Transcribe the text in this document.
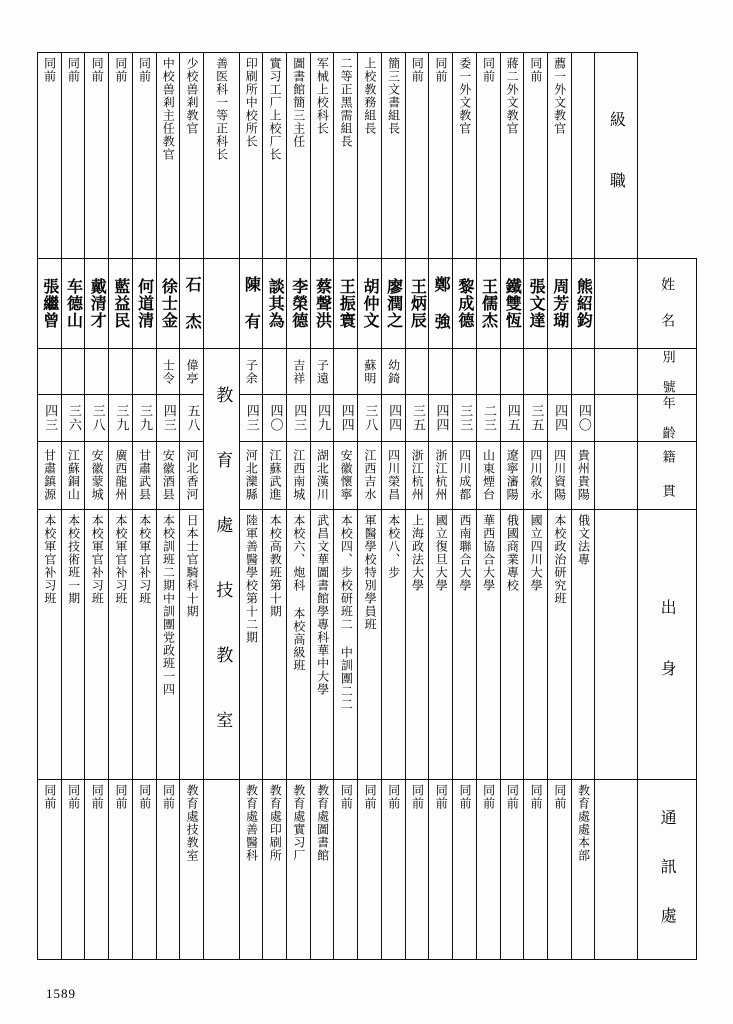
同前	同前	同前	同前	同前	中校兽剎主任教官	少校兽剎教官	善医科一等正科长	印刷所中校所长	實习工厂上校厂长	圖書館簡三主任	军械上校科长	二等正黑需組長	上校教務組長	簡三文書組長	同前	同前	委一外文教官	同前	蔣二外文教官	同前	薦一外文教官		級 職	

張繼曾	车德山	戴清才	藍益民	何道清	徐士金	石 杰		陳 有	談其為	李榮德	蔡聲洪	王振寰	胡仲文	廖潤之	王炳辰	鄭 強	黎成德	王儒杰	鐵雙恆	張文達	周芳瑚	熊紹鈞		姓 名

					士令	偉亭	教 育 處 技 教 室	子余		吉祥	子遠		蘇明	幼錡										別 號

四三	三六	三八	三九	三九	四三	五八		四三	四〇	四三	四九	四四	三八	四四	三五	四四	三三	二三	四五	三五	四四	四〇		年 齡

甘肅鎮源	江蘇銅山	安徽蒙城	廣西龍州	甘肅武县	安徽酒县	河北香河		河北灤縣	江蘇武進	江西南城	湖北漢川	安徽懷寧	江西吉水	四川榮昌	浙江杭州	浙江杭州	四川成都	山東煙台	遼寧瀋陽	四川敘永	四川資陽	貴州貴陽		籍 貫

本校軍官补习班	本校技術班一期	本校軍官补习班	本校軍官补习班	本校軍官补习班	本校訓班二期中訓團党政班一四	日本士官騎科十期		陸軍善醫學校第十二期	本校高教班第十期	本校六、炮科 本校高級班	武昌文華圖書館學專科華中大學	本校四、步校研班二 中訓團二二	軍醫學校特別學員班	本校八、步	上海政法大學	國立復旦大學	西南聯合大學	華西協合大學	俄國商業專校	國立四川大學	本校政治研究班	俄文法專		出 身

同前	同前	同前	同前	同前	同前	教育處技教室		教育處善醫科	教育處印刷所	教育處實习厂	教育處圖書館	同前	同前	同前	同前	同前	同前	同前	同前	同前	同前	教育處處本部		通 訊 處
1589
